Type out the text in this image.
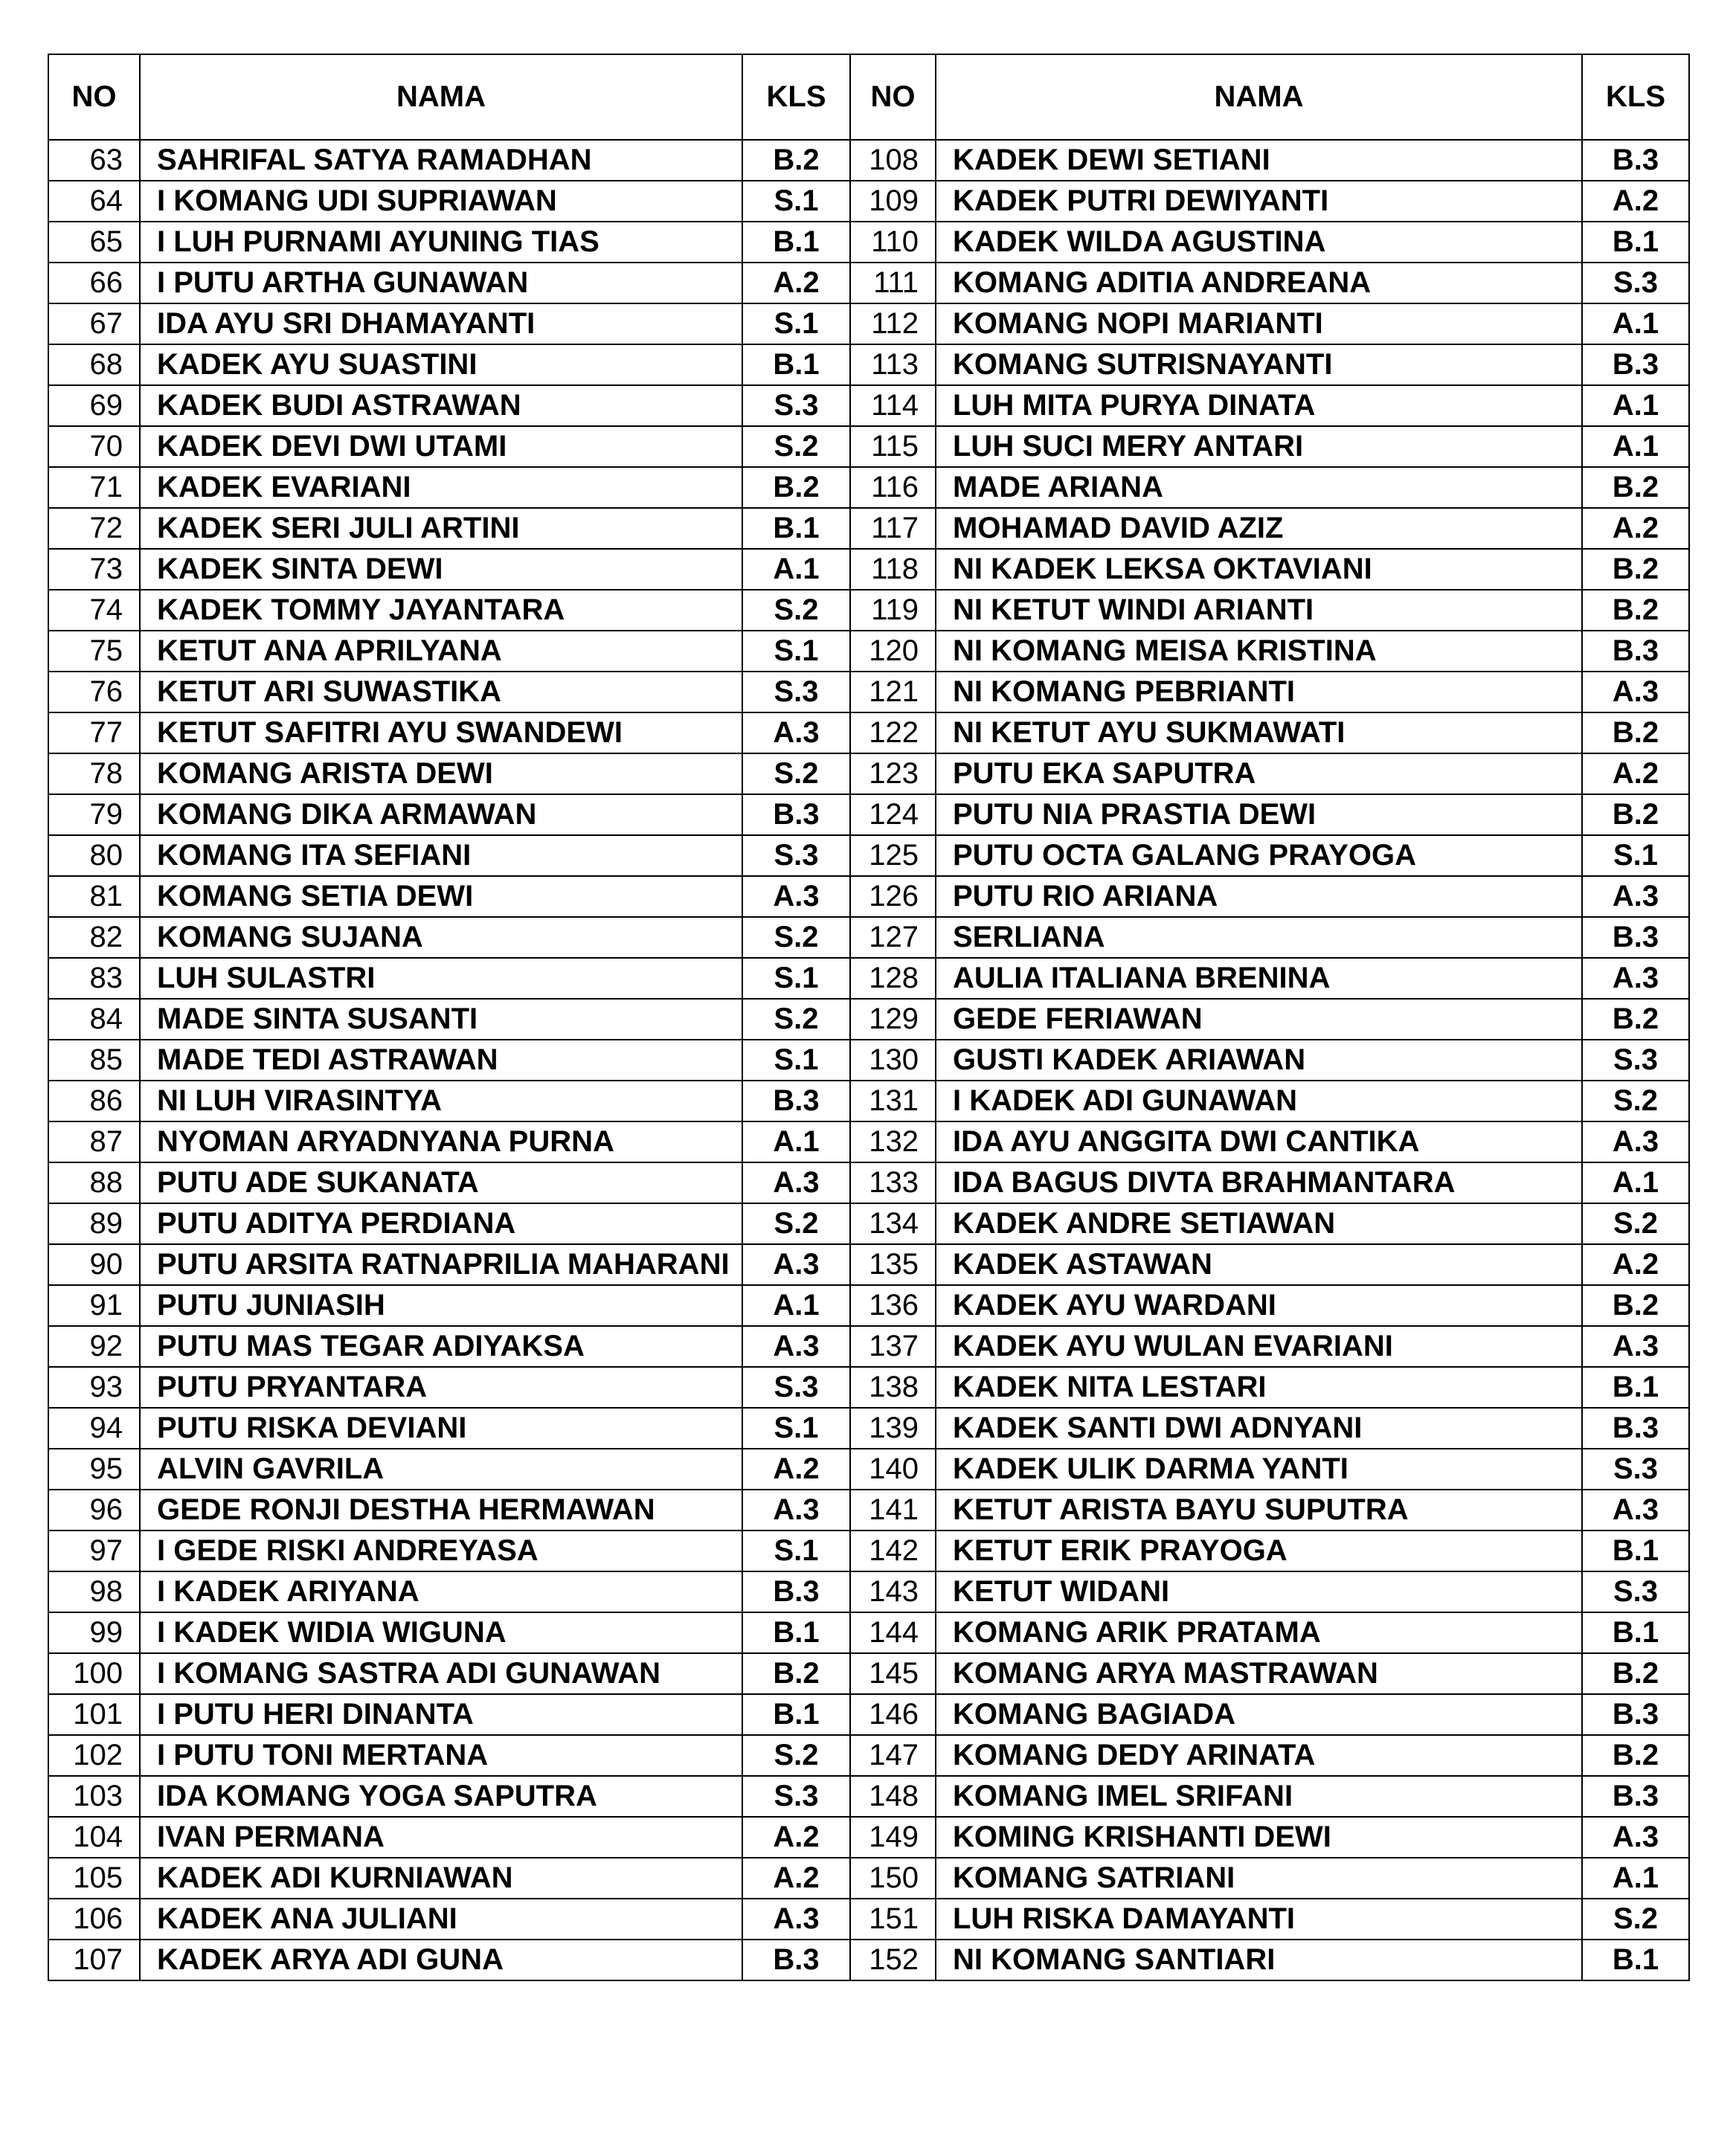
NO	NAMA	KLS	NO	NAMA	KLS
63	SAHRIFAL SATYA RAMADHAN	B.2	108	KADEK DEWI SETIANI	B.3
64	I KOMANG UDI SUPRIAWAN	S.1	109	KADEK PUTRI DEWIYANTI	A.2
65	I LUH PURNAMI AYUNING TIAS	B.1	110	KADEK WILDA AGUSTINA	B.1
66	I PUTU ARTHA GUNAWAN	A.2	111	KOMANG ADITIA ANDREANA	S.3
67	IDA AYU SRI DHAMAYANTI	S.1	112	KOMANG NOPI MARIANTI	A.1
68	KADEK AYU SUASTINI	B.1	113	KOMANG SUTRISNAYANTI	B.3
69	KADEK BUDI ASTRAWAN	S.3	114	LUH MITA PURYA DINATA	A.1
70	KADEK DEVI DWI UTAMI	S.2	115	LUH SUCI MERY ANTARI	A.1
71	KADEK EVARIANI	B.2	116	MADE ARIANA	B.2
72	KADEK SERI JULI ARTINI	B.1	117	MOHAMAD DAVID AZIZ	A.2
73	KADEK SINTA DEWI	A.1	118	NI KADEK LEKSA OKTAVIANI	B.2
74	KADEK TOMMY JAYANTARA	S.2	119	NI KETUT WINDI ARIANTI	B.2
75	KETUT ANA APRILYANA	S.1	120	NI KOMANG MEISA KRISTINA	B.3
76	KETUT ARI SUWASTIKA	S.3	121	NI KOMANG PEBRIANTI	A.3
77	KETUT SAFITRI AYU SWANDEWI	A.3	122	NI KETUT AYU SUKMAWATI	B.2
78	KOMANG ARISTA DEWI	S.2	123	PUTU EKA SAPUTRA	A.2
79	KOMANG DIKA ARMAWAN	B.3	124	PUTU NIA PRASTIA DEWI	B.2
80	KOMANG ITA SEFIANI	S.3	125	PUTU OCTA GALANG PRAYOGA	S.1
81	KOMANG SETIA DEWI	A.3	126	PUTU RIO ARIANA	A.3
82	KOMANG SUJANA	S.2	127	SERLIANA	B.3
83	LUH SULASTRI	S.1	128	AULIA ITALIANA BRENINA	A.3
84	MADE SINTA SUSANTI	S.2	129	GEDE FERIAWAN	B.2
85	MADE TEDI ASTRAWAN	S.1	130	GUSTI KADEK ARIAWAN	S.3
86	NI LUH VIRASINTYA	B.3	131	I KADEK ADI GUNAWAN	S.2
87	NYOMAN ARYADNYANA PURNA	A.1	132	IDA AYU ANGGITA DWI CANTIKA	A.3
88	PUTU ADE SUKANATA	A.3	133	IDA BAGUS DIVTA BRAHMANTARA	A.1
89	PUTU ADITYA PERDIANA	S.2	134	KADEK ANDRE SETIAWAN	S.2
90	PUTU ARSITA RATNAPRILIA MAHARANI	A.3	135	KADEK ASTAWAN	A.2
91	PUTU JUNIASIH	A.1	136	KADEK AYU WARDANI	B.2
92	PUTU MAS TEGAR ADIYAKSA	A.3	137	KADEK AYU WULAN EVARIANI	A.3
93	PUTU PRYANTARA	S.3	138	KADEK NITA LESTARI	B.1
94	PUTU RISKA DEVIANI	S.1	139	KADEK SANTI DWI ADNYANI	B.3
95	ALVIN GAVRILA	A.2	140	KADEK ULIK DARMA YANTI	S.3
96	GEDE RONJI DESTHA HERMAWAN	A.3	141	KETUT ARISTA BAYU SUPUTRA	A.3
97	I GEDE RISKI ANDREYASA	S.1	142	KETUT ERIK PRAYOGA	B.1
98	I KADEK ARIYANA	B.3	143	KETUT WIDANI	S.3
99	I KADEK WIDIA WIGUNA	B.1	144	KOMANG ARIK PRATAMA	B.1
100	I KOMANG SASTRA ADI GUNAWAN	B.2	145	KOMANG ARYA MASTRAWAN	B.2
101	I PUTU HERI DINANTA	B.1	146	KOMANG BAGIADA	B.3
102	I PUTU TONI MERTANA	S.2	147	KOMANG DEDY ARINATA	B.2
103	IDA KOMANG YOGA SAPUTRA	S.3	148	KOMANG IMEL SRIFANI	B.3
104	IVAN PERMANA	A.2	149	KOMING KRISHANTI DEWI	A.3
105	KADEK ADI KURNIAWAN	A.2	150	KOMANG SATRIANI	A.1
106	KADEK ANA JULIANI	A.3	151	LUH RISKA DAMAYANTI	S.2
107	KADEK ARYA ADI GUNA	B.3	152	NI KOMANG SANTIARI	B.1
